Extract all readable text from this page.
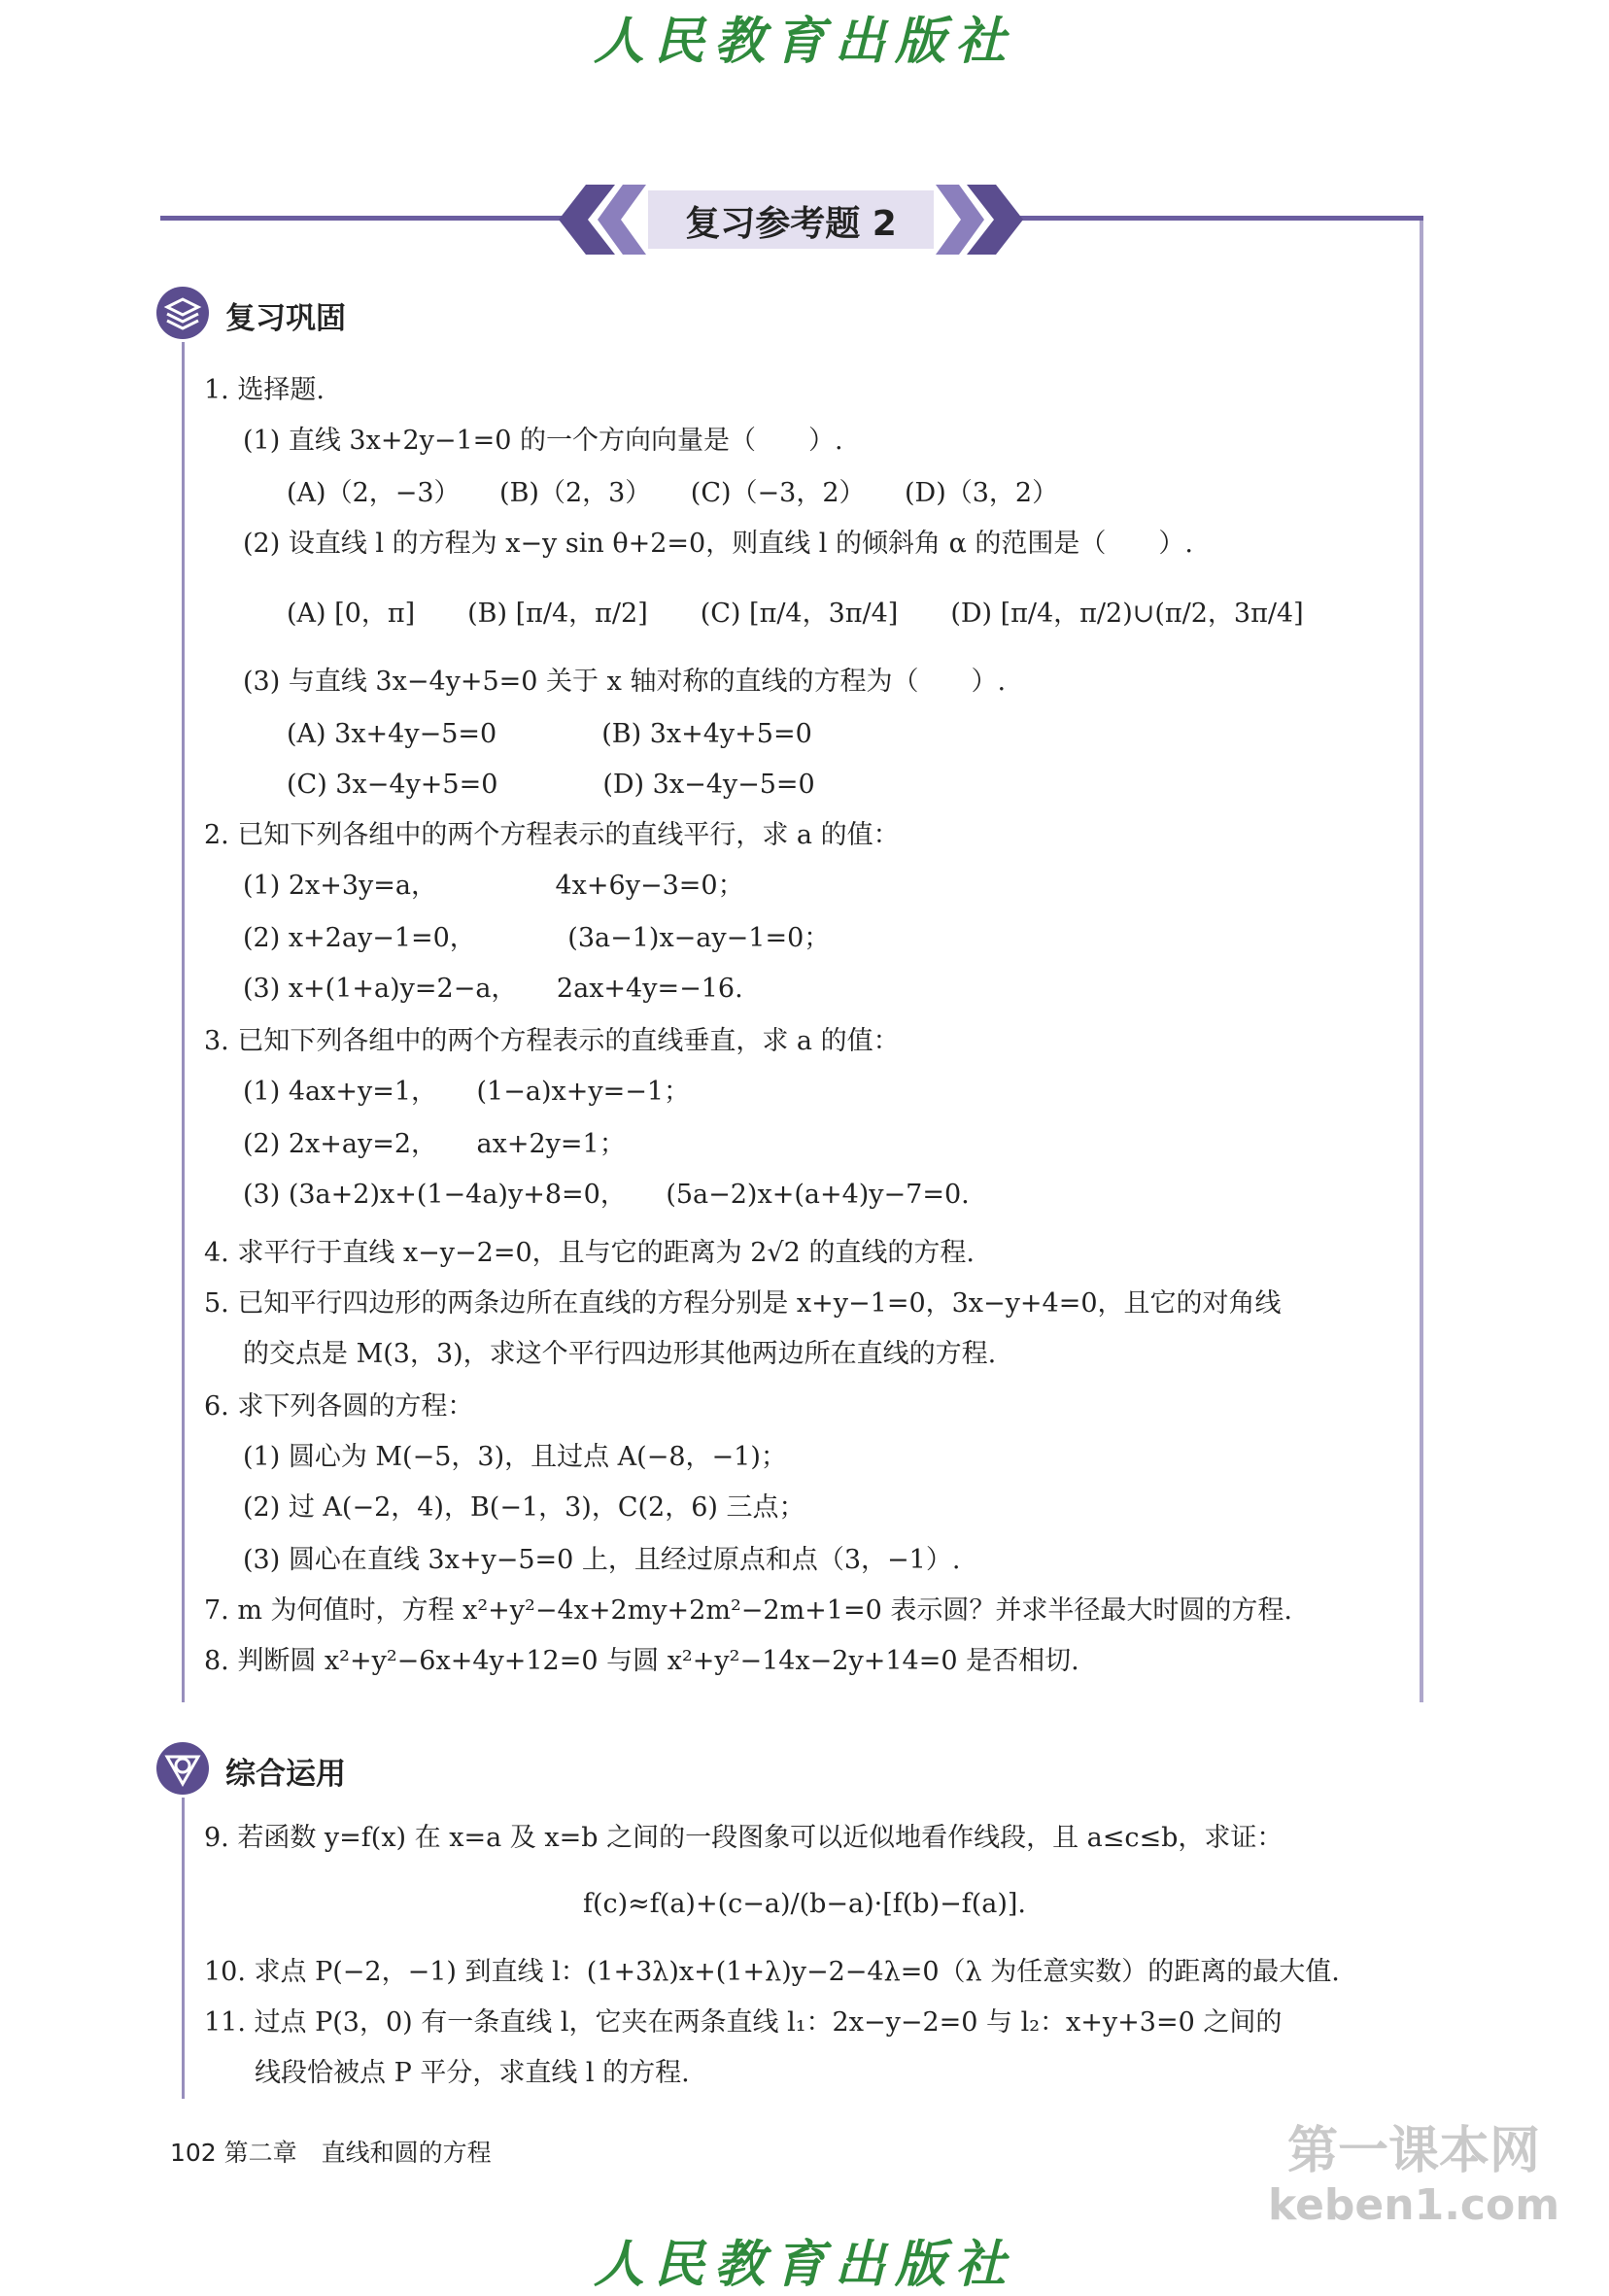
人民教育出版社
复习参考题 2
复习巩固
1. 选择题.
(1) 直线 3x+2y−1=0 的一个方向向量是（　　）.
(A)（2，−3）　　(B)（2，3）　　(C)（−3，2）　　(D)（3，2）
(2) 设直线 l 的方程为 x−y sin θ+2=0，则直线 l 的倾斜角 α 的范围是（　　）.
(A) [0，π]　　(B) [π/4，π/2]　　(C) [π/4，3π/4]　　(D) [π/4，π/2)∪(π/2，3π/4]
(3) 与直线 3x−4y+5=0 关于 x 轴对称的直线的方程为（　　）.
(A) 3x+4y−5=0　　　　(B) 3x+4y+5=0
(C) 3x−4y+5=0　　　　(D) 3x−4y−5=0
2. 已知下列各组中的两个方程表示的直线平行，求 a 的值：
(1) 2x+3y=a，　　　　　4x+6y−3=0；
(2) x+2ay−1=0，　　　　(3a−1)x−ay−1=0；
(3) x+(1+a)y=2−a，　　2ax+4y=−16.
3. 已知下列各组中的两个方程表示的直线垂直，求 a 的值：
(1) 4ax+y=1，　　(1−a)x+y=−1；
(2) 2x+ay=2，　　ax+2y=1；
(3) (3a+2)x+(1−4a)y+8=0，　　(5a−2)x+(a+4)y−7=0.
4. 求平行于直线 x−y−2=0，且与它的距离为 2√2 的直线的方程.
5. 已知平行四边形的两条边所在直线的方程分别是 x+y−1=0，3x−y+4=0，且它的对角线
的交点是 M(3，3)，求这个平行四边形其他两边所在直线的方程.
6. 求下列各圆的方程：
(1) 圆心为 M(−5，3)，且过点 A(−8，−1)；
(2) 过 A(−2，4)，B(−1，3)，C(2，6) 三点；
(3) 圆心在直线 3x+y−5=0 上，且经过原点和点（3，−1）.
7. m 为何值时，方程 x²+y²−4x+2my+2m²−2m+1=0 表示圆？并求半径最大时圆的方程.
8. 判断圆 x²+y²−6x+4y+12=0 与圆 x²+y²−14x−2y+14=0 是否相切.
综合运用
9. 若函数 y=f(x) 在 x=a 及 x=b 之间的一段图象可以近似地看作线段，且 a≤c≤b，求证：
f(c)≈f(a)+(c−a)/(b−a)·[f(b)−f(a)].
10. 求点 P(−2，−1) 到直线 l：(1+3λ)x+(1+λ)y−2−4λ=0（λ 为任意实数）的距离的最大值.
11. 过点 P(3，0) 有一条直线 l，它夹在两条直线 l₁：2x−y−2=0 与 l₂：x+y+3=0 之间的
线段恰被点 P 平分，求直线 l 的方程.
102 第二章　直线和圆的方程	第一课本网
keben1.com
人民教育出版社
